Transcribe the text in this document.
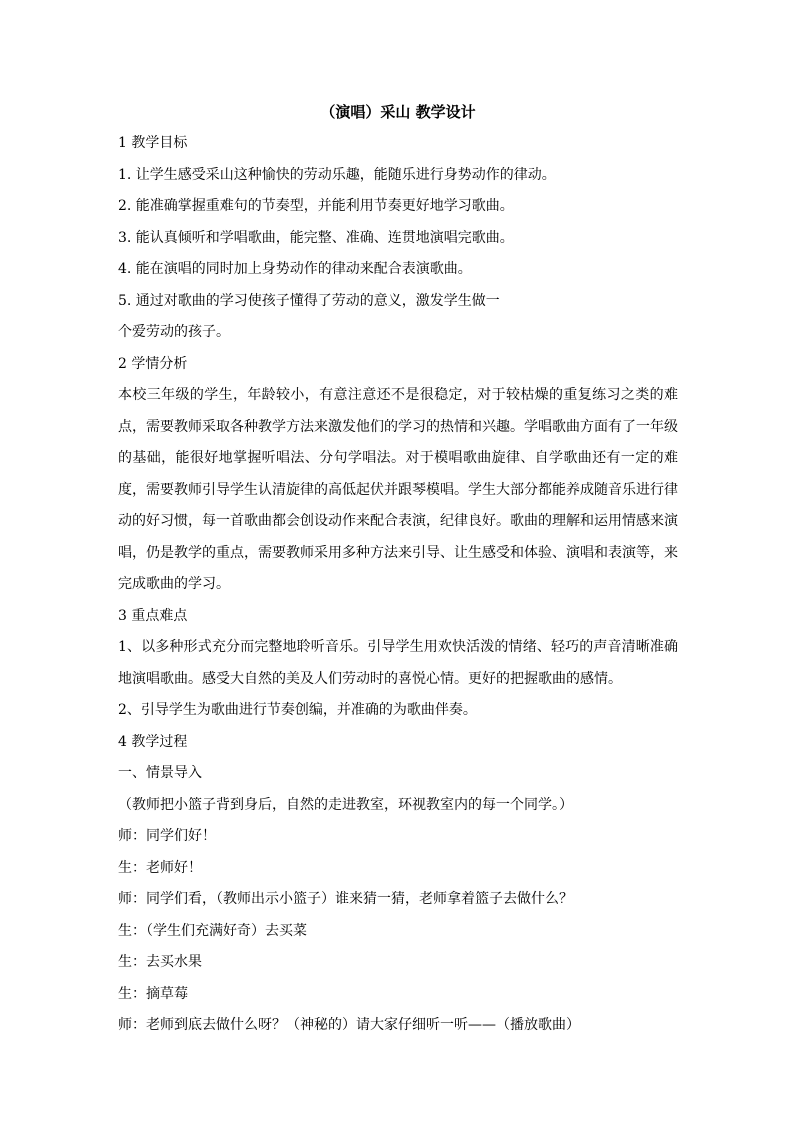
（演唱）采山 教学设计

1 教学目标

1. 让学生感受采山这种愉快的劳动乐趣，能随乐进行身势动作的律动。

2. 能准确掌握重难句的节奏型，并能利用节奏更好地学习歌曲。

3. 能认真倾听和学唱歌曲，能完整、准确、连贯地演唱完歌曲。

4. 能在演唱的同时加上身势动作的律动来配合表演歌曲。

5. 通过对歌曲的学习使孩子懂得了劳动的意义，激发学生做一

个爱劳动的孩子。

2 学情分析

本校三年级的学生，年龄较小，有意注意还不是很稳定，对于较枯燥的重复练习之类的难点，需要教师采取各种教学方法来激发他们的学习的热情和兴趣。学唱歌曲方面有了一年级的基础，能很好地掌握听唱法、分句学唱法。对于模唱歌曲旋律、自学歌曲还有一定的难度，需要教师引导学生认清旋律的高低起伏并跟琴模唱。学生大部分都能养成随音乐进行律动的好习惯，每一首歌曲都会创设动作来配合表演，纪律良好。歌曲的理解和运用情感来演唱，仍是教学的重点，需要教师采用多种方法来引导、让生感受和体验、演唱和表演等，来完成歌曲的学习。

3 重点难点

1、以多种形式充分而完整地聆听音乐。引导学生用欢快活泼的情绪、轻巧的声音清晰准确地演唱歌曲。感受大自然的美及人们劳动时的喜悦心情。更好的把握歌曲的感情。

2、引导学生为歌曲进行节奏创编，并准确的为歌曲伴奏。

4 教学过程

一、情景导入

（教师把小篮子背到身后，自然的走进教室，环视教室内的每一个同学。）

师：同学们好！

生：老师好！

师：同学们看，（教师出示小篮子）谁来猜一猜，老师拿着篮子去做什么？

生：（学生们充满好奇）去买菜

生：去买水果

生：摘草莓

师：老师到底去做什么呀？（神秘的）请大家仔细听一听——（播放歌曲）
